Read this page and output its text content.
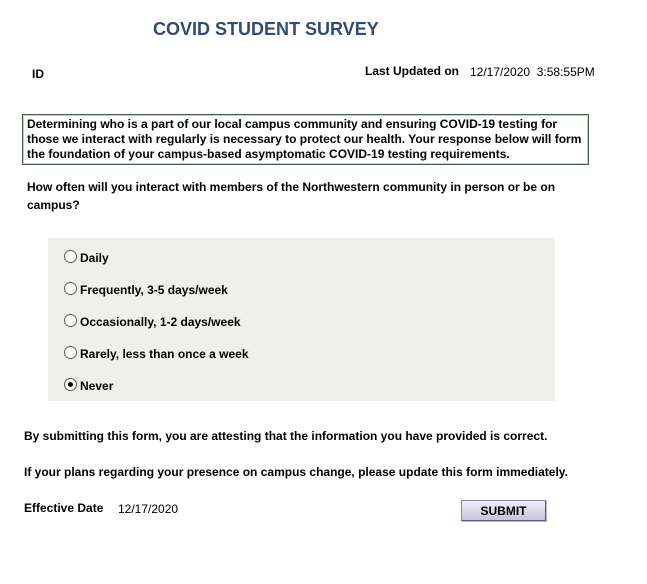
COVID STUDENT SURVEY
ID	Last Updated on 12/17/2020  3:58:55PM
Determining who is a part of our local campus community and ensuring COVID-19 testing for those we interact with regularly is necessary to protect our health. Your response below will form the foundation of your campus-based asymptomatic COVID-19 testing requirements.
How often will you interact with members of the Northwestern community in person or be on campus?
Daily
Frequently, 3-5 days/week
Occasionally, 1-2 days/week
Rarely, less than once a week
Never
By submitting this form, you are attesting that the information you have provided is correct.
If your plans regarding your presence on campus change, please update this form immediately.
Effective Date 12/17/2020	SUBMIT
